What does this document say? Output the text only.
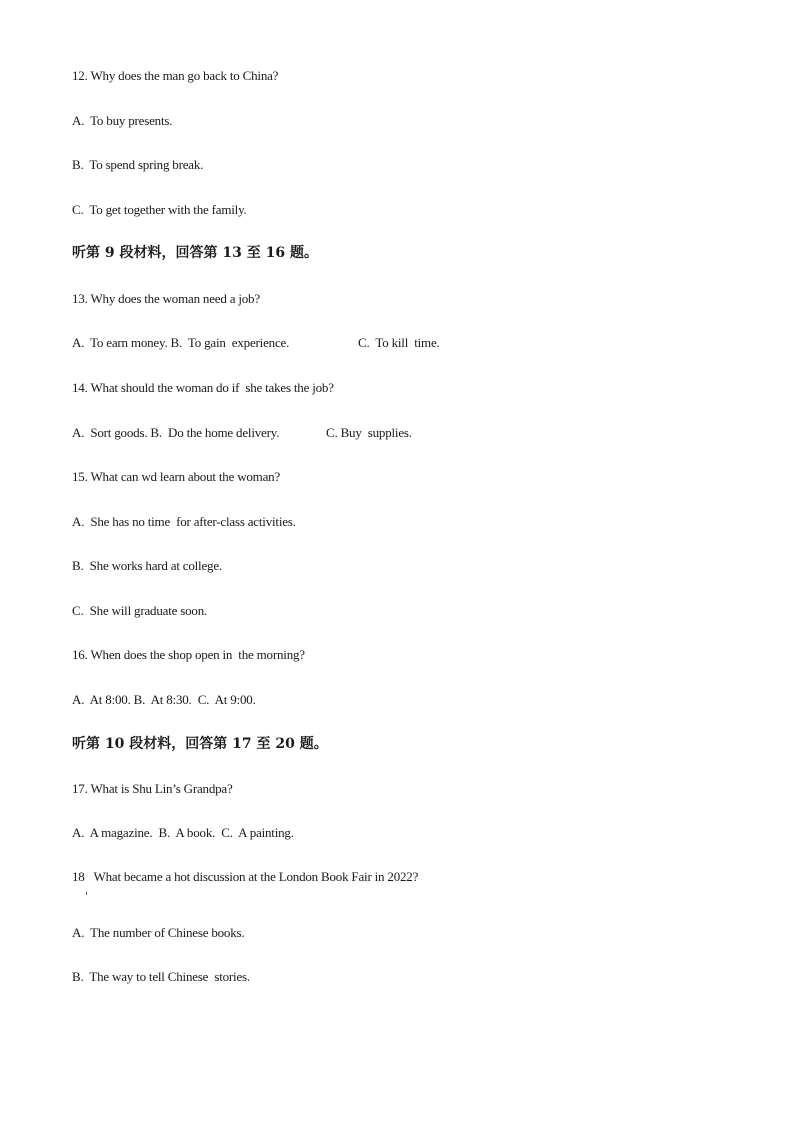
12. Why does the man go back to China?
A.  To buy presents.
B.  To spend spring break.
C.  To get together with the family.
听第 9 段材料，回答第 13 至 16 题。
13. Why does the woman need a job?
A.  To earn money. B.  To gain  experience.	C.  To kill  time.
14. What should the woman do if  she takes the job?
A.  Sort goods. B.  Do the home delivery.	C. Buy  supplies.
15. What can wd learn about the woman?
A.  She has no time  for after-class activities.
B.  She works hard at college.
C.  She will graduate soon.
16. When does the shop open in  the morning?
A.  At 8:00. B.  At 8:30.  C.  At 9:00.
听第 10 段材料，回答第 17 至 20 题。
17. What is Shu Lin’s Grandpa?
A.  A magazine.  B.  A book.  C.  A painting.
18   What became a hot discussion at the London Book Fair in 2022?
A.  The number of Chinese books.
B.  The way to tell Chinese  stories.
